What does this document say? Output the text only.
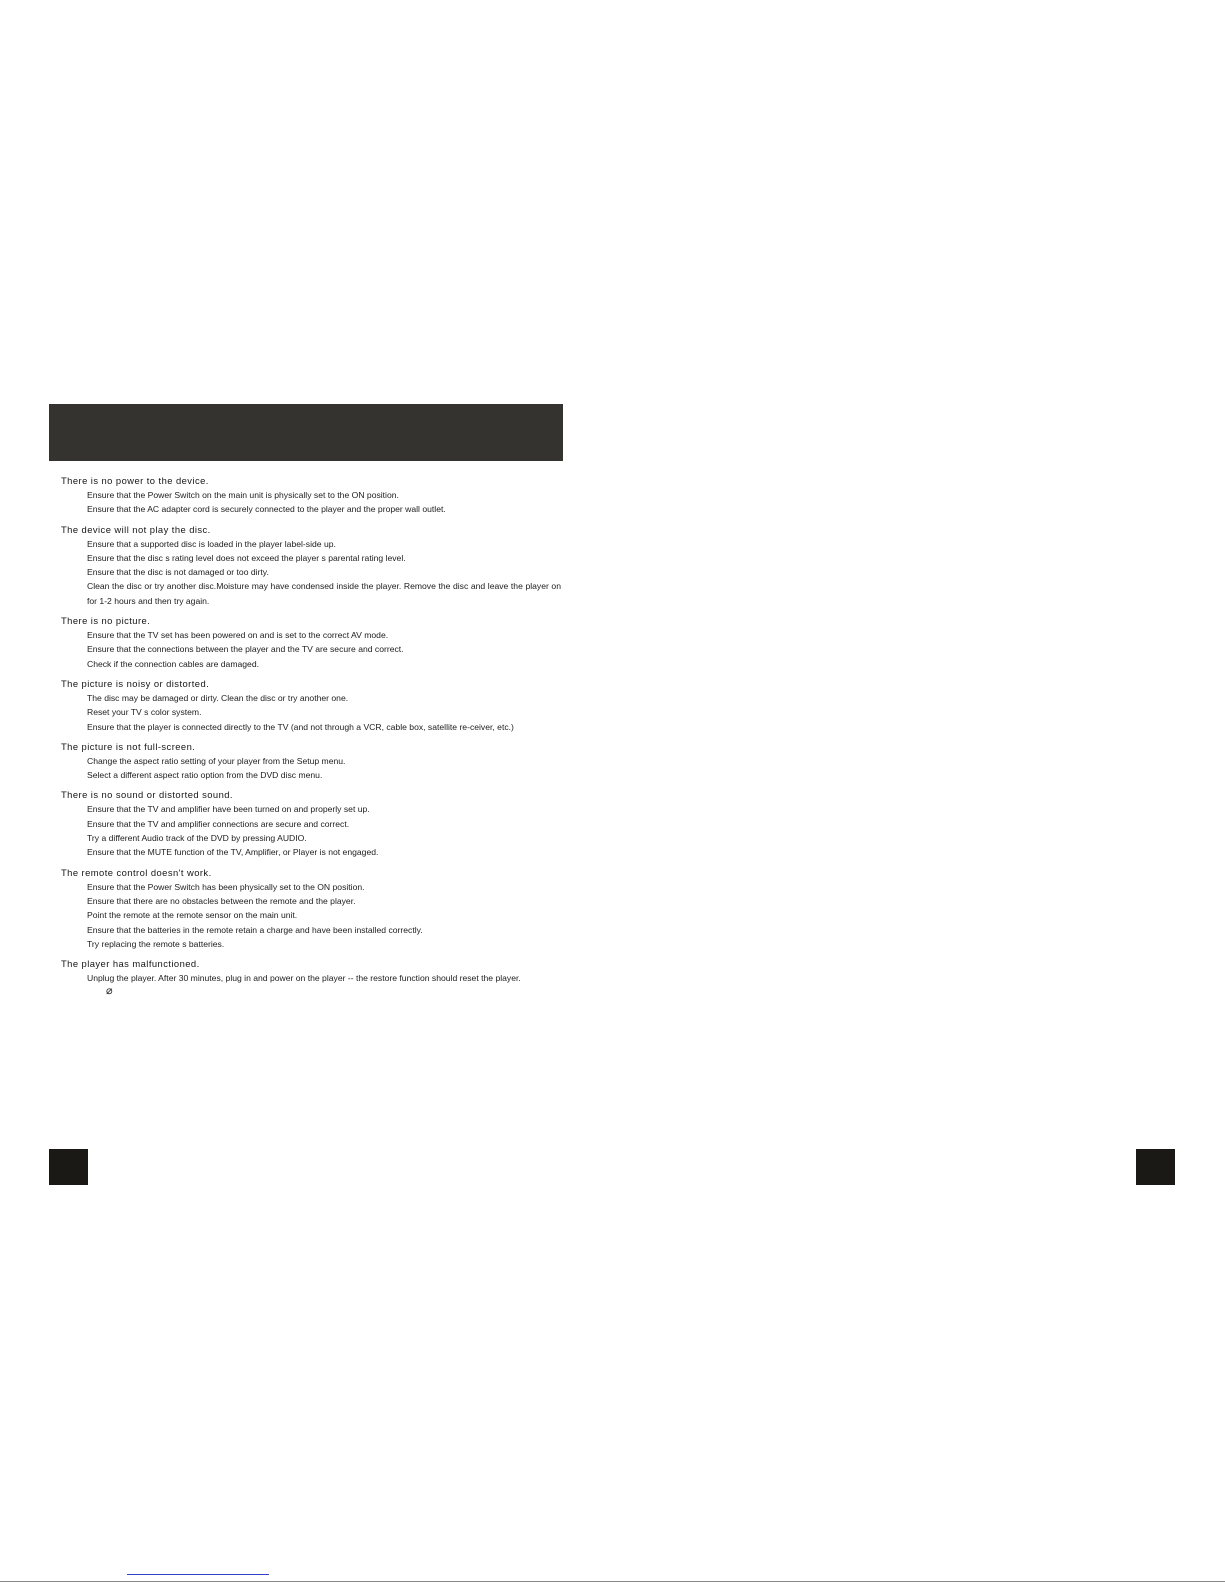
There is no power to the device.
Ensure that the Power Switch on the main unit is physically set to the ON position.
Ensure that the AC adapter cord is securely connected to the player and the proper wall outlet.
The device will not play the disc.
Ensure that a supported disc is loaded in the player label-side up.
Ensure that the disc s rating level does not exceed the player s parental rating level.
Ensure that the disc is not damaged or too dirty.
Clean the disc or try another disc.Moisture may have condensed inside the player. Remove the disc and leave the player on for 1-2 hours and then try again.
There is no picture.
Ensure that the TV set has been powered on and is set to the correct AV mode.
Ensure that the connections between the player and the TV are secure and correct.
Check if the connection cables are damaged.
The picture is noisy or distorted.
The disc may be damaged or dirty. Clean the disc or try another one.
Reset your TV s color system.
Ensure that the player is connected directly to the TV (and not through a VCR, cable box, satellite re-ceiver, etc.)
The picture is not full-screen.
Change the aspect ratio setting of your player from the Setup menu.
Select a different aspect ratio option from the DVD disc menu.
There is no sound or distorted sound.
Ensure that the TV and amplifier have been turned on and properly set up.
Ensure that the TV and amplifier connections are secure and correct.
Try a different Audio track of the DVD by pressing AUDIO.
Ensure that the MUTE function of the TV, Amplifier, or Player is not engaged.
The remote control doesn't work.
Ensure that the Power Switch has been physically set to the ON position.
Ensure that there are no obstacles between the remote and the player.
Point the remote at the remote sensor on the main unit.
Ensure that the batteries in the remote retain a charge and have been installed correctly.
Try replacing the remote s batteries.
The player has malfunctioned.
Unplug the player. After 30 minutes, plug in and power on the player -- the restore function should reset the player.
⌀
